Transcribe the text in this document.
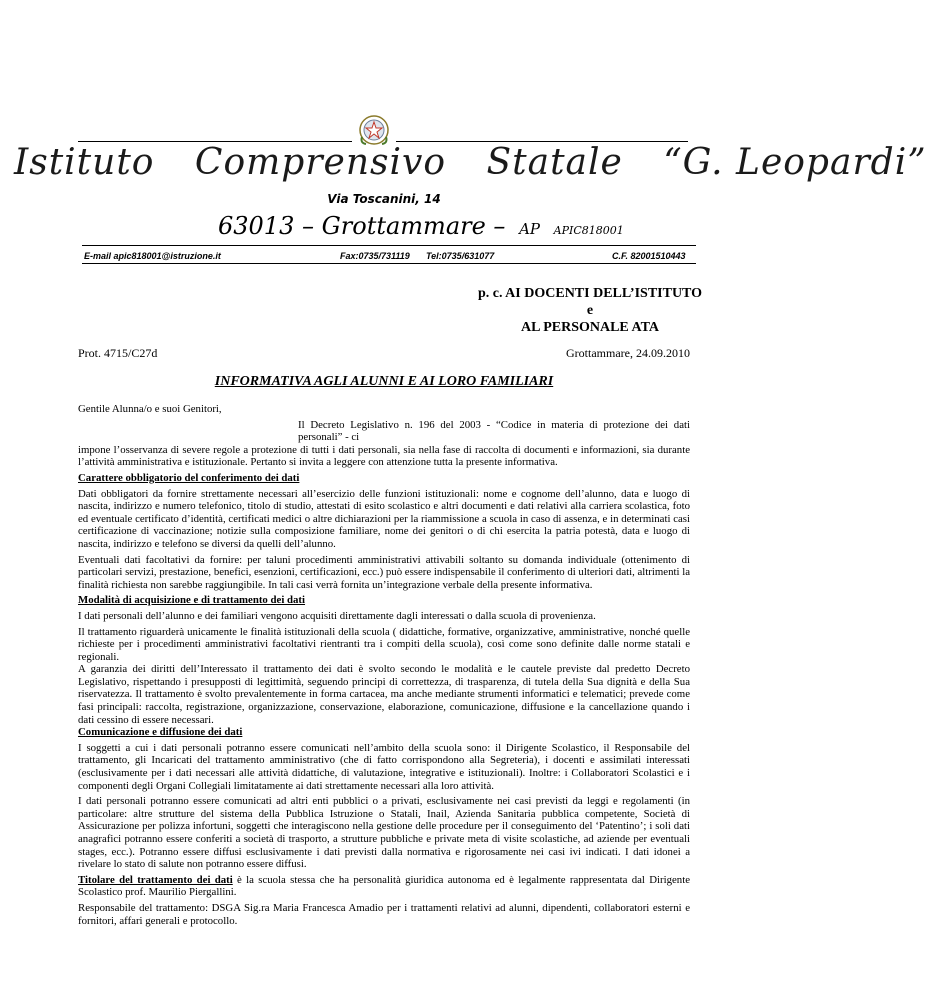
Istituto Comprensivo Statale “G. Leopardi”
Via Toscanini, 14
63013 – Grottammare – AP APIC818001
E-mail apic818001@istruzione.it	Fax:0735/731119 Tel:0735/631077	C.F. 82001510443
p. c. AI DOCENTI DELL’ISTITUTO
e
AL PERSONALE ATA
Prot. 4715/C27d	Grottammare, 24.09.2010
INFORMATIVA AGLI ALUNNI E AI LORO FAMILIARI

Gentile Alunna/o e suoi Genitori,

Il Decreto Legislativo n. 196 del 2003 - “Codice in materia di protezione dei dati personali” - ci
impone l’osservanza di severe regole a protezione di tutti i dati personali, sia nella fase di raccolta di documenti e informazioni, sia durante l’attività amministrativa e istituzionale. Pertanto si invita a leggere con attenzione tutta la presente informativa.

Carattere obbligatorio del conferimento dei dati

Dati obbligatori da fornire strettamente necessari all’esercizio delle funzioni istituzionali: nome e cognome dell’alunno, data e luogo di nascita, indirizzo e numero telefonico, titolo di studio, attestati di esito scolastico e altri documenti e dati relativi alla carriera scolastica, foto ed eventuale certificato d’identità, certificati medici o altre dichiarazioni per la riammissione a scuola in caso di assenza, e in determinati casi certificazione di vaccinazione; notizie sulla composizione familiare, nome dei genitori o di chi esercita la patria potestà, data e luogo di nascita, indirizzo e telefono se diversi da quelli dell’alunno.

Eventuali dati facoltativi da fornire: per taluni procedimenti amministrativi attivabili soltanto su domanda individuale (ottenimento di particolari servizi, prestazione, benefici, esenzioni, certificazioni, ecc.) può essere indispensabile il conferimento di ulteriori dati, altrimenti la finalità richiesta non sarebbe raggiungibile. In tali casi verrà fornita un’integrazione verbale della presente informativa.

Modalità di acquisizione e di trattamento dei dati

I dati personali dell’alunno e dei familiari vengono acquisiti direttamente dagli interessati o dalla scuola di provenienza.

Il trattamento riguarderà unicamente le finalità istituzionali della scuola ( didattiche, formative, organizzative, amministrative, nonché quelle richieste per i procedimenti amministrativi facoltativi rientranti tra i compiti della scuola), così come sono definite dalle norme statali e regionali.

A garanzia dei diritti dell’Interessato il trattamento dei dati è svolto secondo le modalità e le cautele previste dal predetto Decreto Legislativo, rispettando i presupposti di legittimità, seguendo principi di correttezza, di trasparenza, di tutela della Sua dignità e della Sua riservatezza. Il trattamento è svolto prevalentemente in forma cartacea, ma anche mediante strumenti informatici e telematici; prevede come fasi principali: raccolta, registrazione, organizzazione, conservazione, elaborazione, comunicazione, diffusione e la cancellazione quando i dati cessino di essere necessari.

Comunicazione e diffusione dei dati

I soggetti a cui i dati personali potranno essere comunicati nell’ambito della scuola sono: il Dirigente Scolastico, il Responsabile del trattamento, gli Incaricati del trattamento amministrativo (che di fatto corrispondono alla Segreteria), i docenti e assimilati interessati (esclusivamente per i dati necessari alle attività didattiche, di valutazione, integrative e istituzionali). Inoltre: i Collaboratori Scolastici e i componenti degli Organi Collegiali limitatamente ai dati strettamente necessari alla loro attività.

I dati personali potranno essere comunicati ad altri enti pubblici o a privati, esclusivamente nei casi previsti da leggi e regolamenti (in particolare: altre strutture del sistema della Pubblica Istruzione o Statali, Inail, Azienda Sanitaria pubblica competente, Società di Assicurazione per polizza infortuni, soggetti che interagiscono nella gestione delle procedure per il conseguimento del ‘Patentino’; i soli dati anagrafici potranno essere conferiti a società di trasporto, a strutture pubbliche e private meta di visite scolastiche, ad aziende per eventuali stages, ecc.). Potranno essere diffusi esclusivamente i dati previsti dalla normativa e rigorosamente nei casi ivi indicati. I dati idonei a rivelare lo stato di salute non potranno essere diffusi.

Titolare del trattamento dei dati è la scuola stessa che ha personalità giuridica autonoma ed è legalmente rappresentata dal Dirigente Scolastico prof. Maurilio Piergallini.

Responsabile del trattamento: DSGA Sig.ra Maria Francesca Amadio per i trattamenti relativi ad alunni, dipendenti, collaboratori esterni e fornitori, affari generali e protocollo.
